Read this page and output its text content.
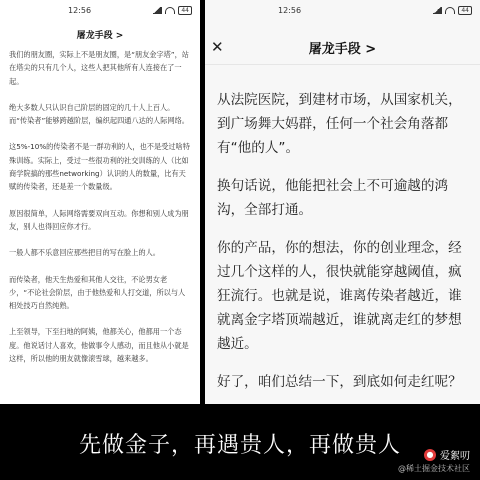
12:56	44
屠龙手段 >

我们的朋友圈，实际上不是朋友圈，是“朋友金字塔”，站在塔尖的只有几个人，这些人把其他所有人连接在了一起。

绝大多数人只认识自己阶层的固定的几十人上百人。而“传染者”能够跨越阶层，编织起四通八达的人际网络。

这5%-10%的传染者不是一群功利的人，也不是受过啥特殊训练。实际上，受过一些很功利的社交训练的人（比如商学院搞的那些networking）认识的人的数量，比有天赋的传染者，还是差一个数量级。

原因很简单，人际网络需要双向互动。你想和别人成为朋友，别人也得回应你才行。

一般人都不乐意回应那些把目的写在脸上的人。

而传染者，他天生热爱和其他人交往，不论男女老少，“不论社会阶层，由于他热爱和人打交道，所以与人相处技巧自然纯熟。

上至领导，下至扫地的阿姨，他都关心，他都用一个态度。他说话讨人喜欢，他做事令人感动，而且他从小就是这样，所以他的朋友就像滚雪球，越来越多。

12:56	44
✕	屠龙手段 >

从法院医院，到建材市场，从国家机关，到广场舞大妈群，任何一个社会角落都有“他的人”。

换句话说，他能把社会上不可逾越的鸿沟，全部打通。

你的产品，你的想法，你的创业理念，经过几个这样的人，很快就能穿越阈值，疯狂流行。也就是说，谁离传染者越近，谁就离金字塔顶端越近，谁就离走红的梦想越近。

好了，咱们总结一下，到底如何走红呢？

先做金子，再遇贵人，再做贵人	● 爱絮叨
@稀土掘金技术社区
